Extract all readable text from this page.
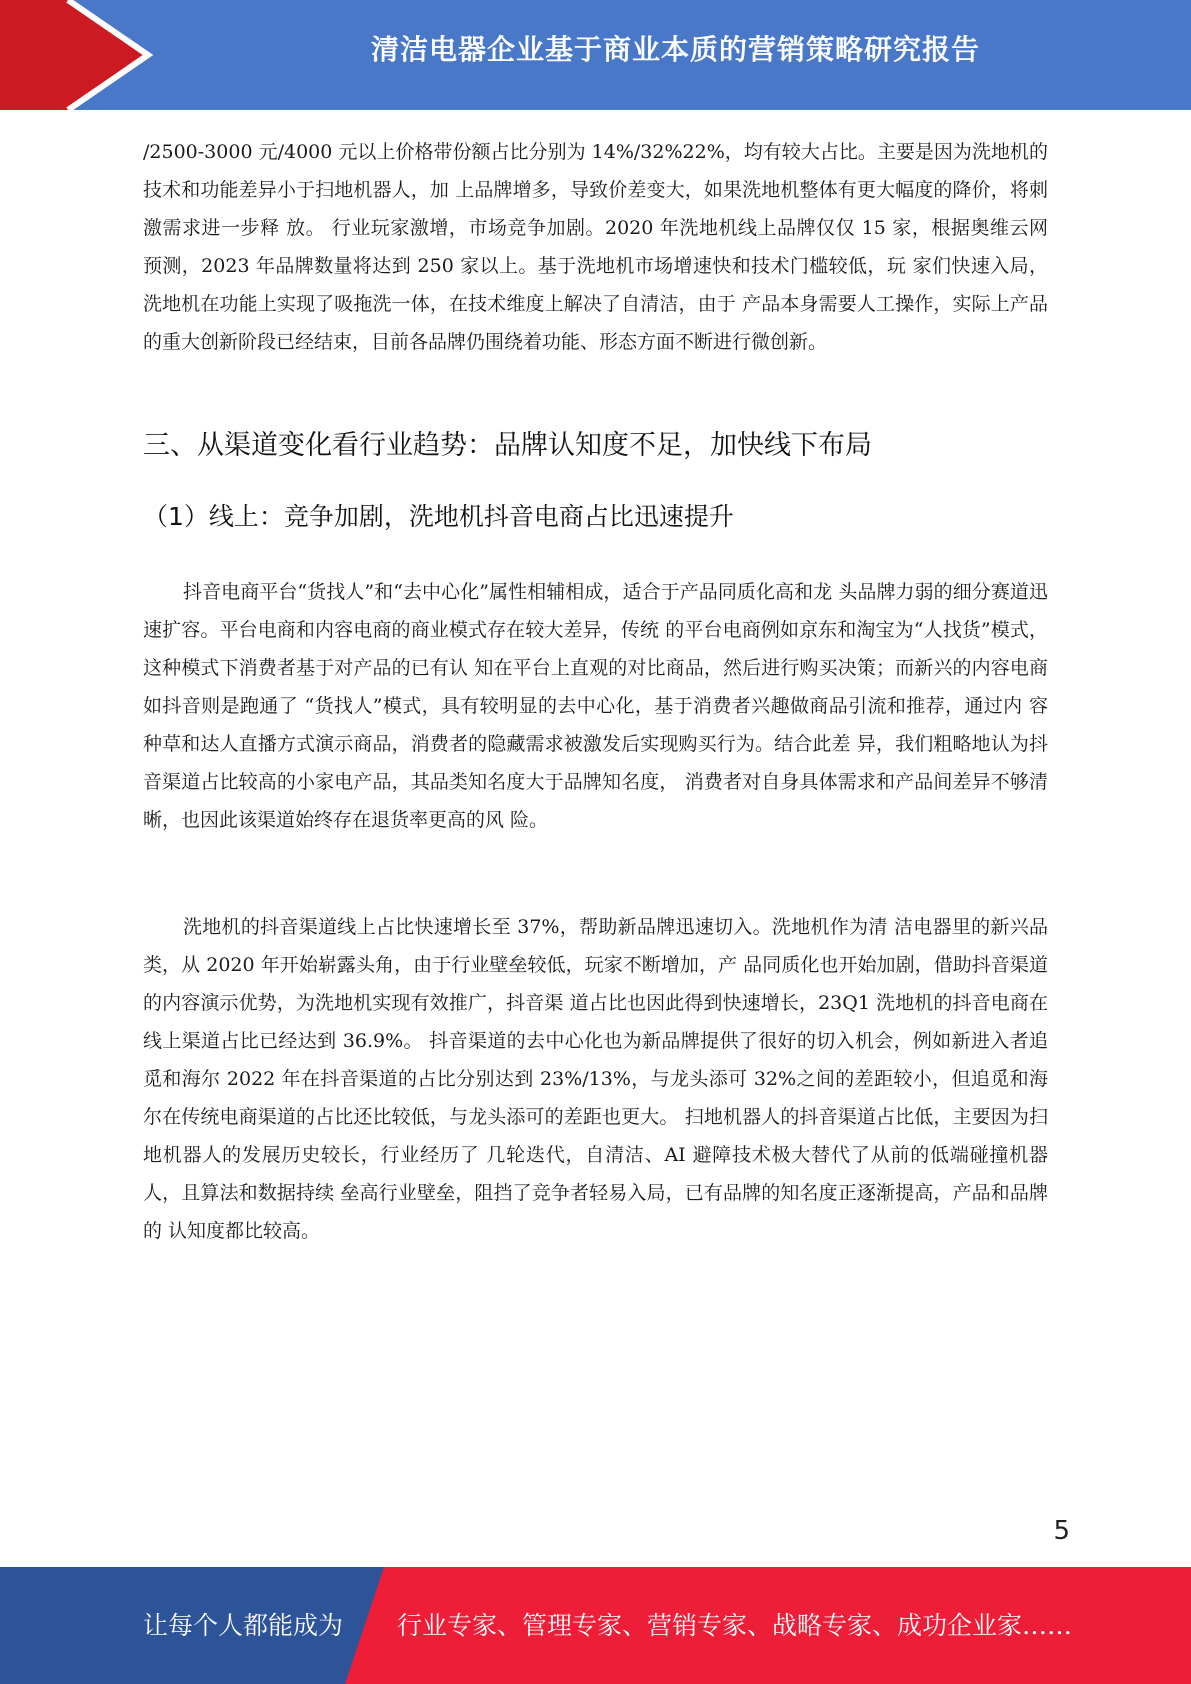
清洁电器企业基于商业本质的营销策略研究报告

/2500-3000 元/4000 元以上价格带份额占比分别为 14%/32%22%，均有较大占比。主要是因为洗地机的技术和功能差异小于扫地机器人，加 上品牌增多，导致价差变大，如果洗地机整体有更大幅度的降价，将刺激需求进一步释 放。 行业玩家激增，市场竞争加剧。2020 年洗地机线上品牌仅仅 15 家，根据奥维云网 预测，2023 年品牌数量将达到 250 家以上。基于洗地机市场增速快和技术门槛较低，玩 家们快速入局，洗地机在功能上实现了吸拖洗一体，在技术维度上解决了自清洁，由于 产品本身需要人工操作，实际上产品的重大创新阶段已经结束，目前各品牌仍围绕着功能、形态方面不断进行微创新。

三、从渠道变化看行业趋势：品牌认知度不足，加快线下布局
（1）线上：竞争加剧，洗地机抖音电商占比迅速提升

抖音电商平台“货找人”和“去中心化”属性相辅相成，适合于产品同质化高和龙 头品牌力弱的细分赛道迅速扩容。平台电商和内容电商的商业模式存在较大差异，传统 的平台电商例如京东和淘宝为“人找货”模式，这种模式下消费者基于对产品的已有认 知在平台上直观的对比商品，然后进行购买决策；而新兴的内容电商如抖音则是跑通了 “货找人”模式，具有较明显的去中心化，基于消费者兴趣做商品引流和推荐，通过内 容种草和达人直播方式演示商品，消费者的隐藏需求被激发后实现购买行为。结合此差 异，我们粗略地认为抖音渠道占比较高的小家电产品，其品类知名度大于品牌知名度， 消费者对自身具体需求和产品间差异不够清晰，也因此该渠道始终存在退货率更高的风 险。

洗地机的抖音渠道线上占比快速增长至 37%，帮助新品牌迅速切入。洗地机作为清 洁电器里的新兴品类，从 2020 年开始崭露头角，由于行业壁垒较低，玩家不断增加，产 品同质化也开始加剧，借助抖音渠道的内容演示优势，为洗地机实现有效推广，抖音渠 道占比也因此得到快速增长，23Q1 洗地机的抖音电商在线上渠道占比已经达到 36.9%。 抖音渠道的去中心化也为新品牌提供了很好的切入机会，例如新进入者追觅和海尔 2022 年在抖音渠道的占比分别达到 23%/13%，与龙头添可 32%之间的差距较小，但追觅和海 尔在传统电商渠道的占比还比较低，与龙头添可的差距也更大。 扫地机器人的抖音渠道占比低，主要因为扫地机器人的发展历史较长，行业经历了 几轮迭代，自清洁、AI 避障技术极大替代了从前的低端碰撞机器人，且算法和数据持续 垒高行业壁垒，阻挡了竞争者轻易入局，已有品牌的知名度正逐渐提高，产品和品牌的 认知度都比较高。

5
让每个人都能成为 行业专家、管理专家、营销专家、战略专家、成功企业家……
